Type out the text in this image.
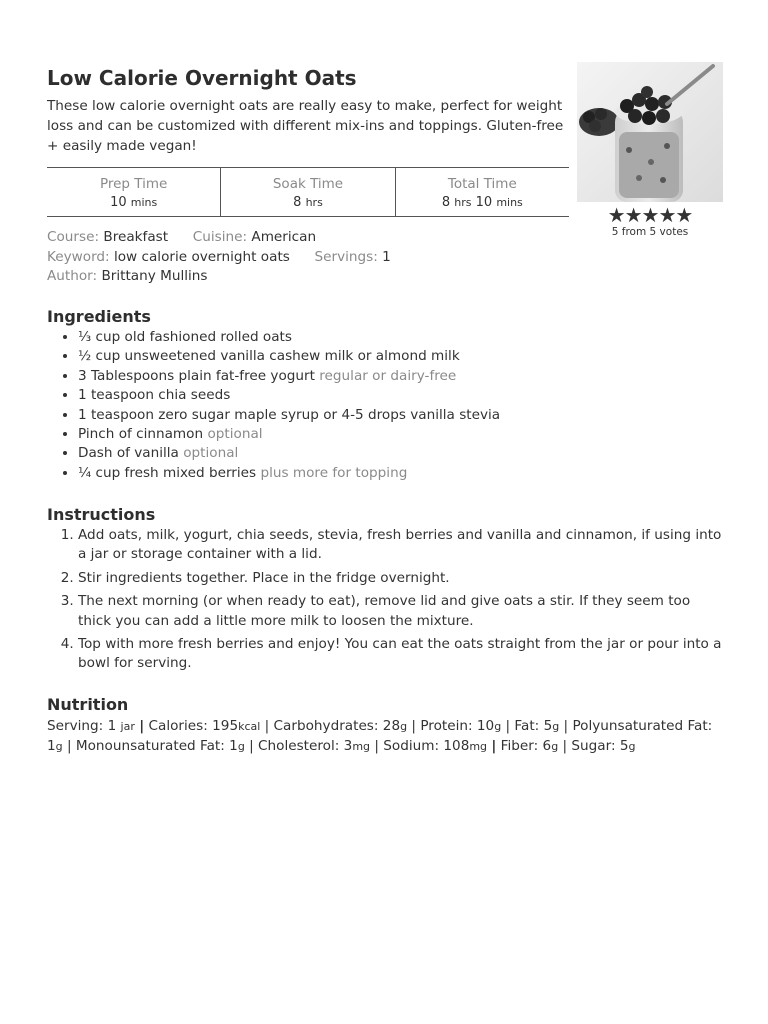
Low Calorie Overnight Oats
These low calorie overnight oats are really easy to make, perfect for weight loss and can be customized with different mix-ins and toppings. Gluten-free + easily made vegan!
Prep Time
10 mins
Soak Time
8 hrs
Total Time
8 hrs 10 mins
★★★★★
5 from 5 votes
Course: Breakfast Cuisine: American
Keyword: low calorie overnight oats Servings: 1
Author: Brittany Mullins
Ingredients
• ⅓ cup old fashioned rolled oats
• ½ cup unsweetened vanilla cashew milk or almond milk
• 3 Tablespoons plain fat-free yogurt regular or dairy-free
• 1 teaspoon chia seeds
• 1 teaspoon zero sugar maple syrup or 4-5 drops vanilla stevia
• Pinch of cinnamon optional
• Dash of vanilla optional
• ¼ cup fresh mixed berries plus more for topping
Instructions
1. Add oats, milk, yogurt, chia seeds, stevia, fresh berries and vanilla and cinnamon, if using into a jar or storage container with a lid.
2. Stir ingredients together. Place in the fridge overnight.
3. The next morning (or when ready to eat), remove lid and give oats a stir. If they seem too thick you can add a little more milk to loosen the mixture.
4. Top with more fresh berries and enjoy! You can eat the oats straight from the jar or pour into a bowl for serving.
Nutrition
Serving: 1 jar | Calories: 195kcal | Carbohydrates: 28g | Protein: 10g | Fat: 5g | Polyunsaturated Fat: 1g | Monounsaturated Fat: 1g | Cholesterol: 3mg | Sodium: 108mg | Fiber: 6g | Sugar: 5g
